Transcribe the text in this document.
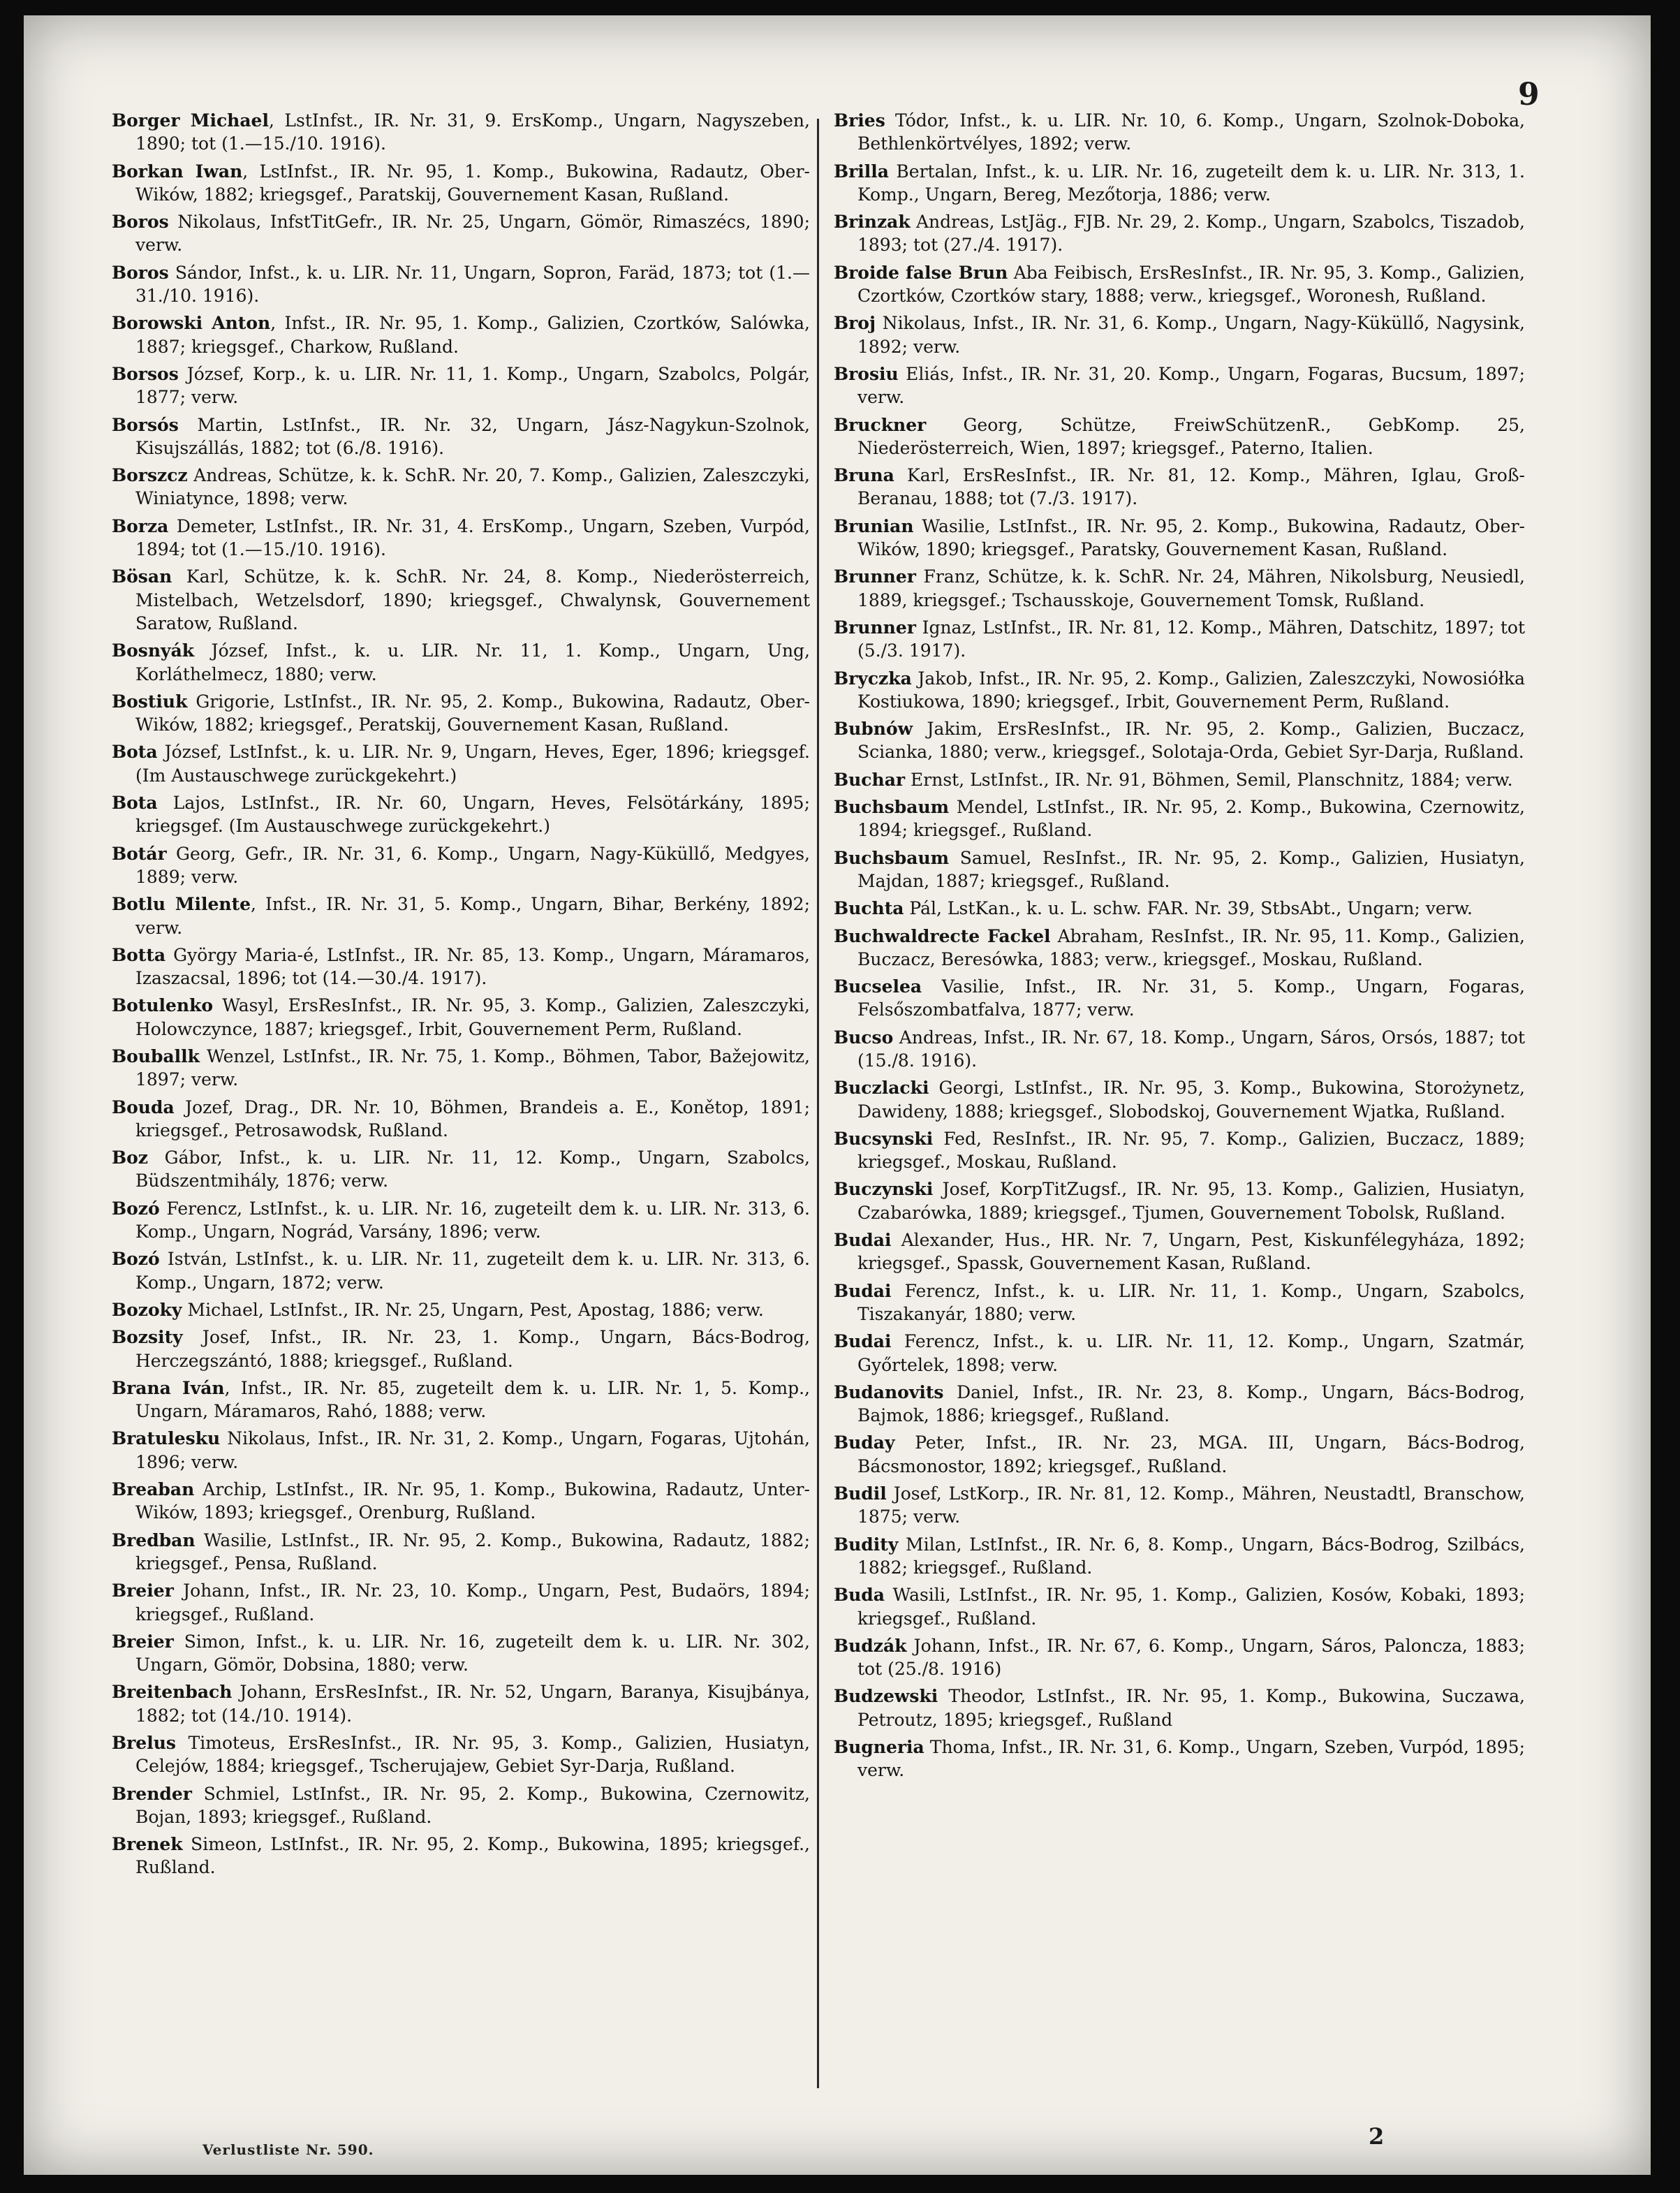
9

Borger Michael, LstInfst., IR. Nr. 31, 9. ErsKomp., Ungarn, Nagyszeben, 1890; tot (1.—15./10. 1916).

Borkan Iwan, LstInfst., IR. Nr. 95, 1. Komp., Bukowina, Radautz, Ober-Wików, 1882; kriegsgef., Paratskij, Gouvernement Kasan, Rußland.

Boros Nikolaus, InfstTitGefr., IR. Nr. 25, Ungarn, Gömör, Rimaszécs, 1890; verw.

Boros Sándor, Infst., k. u. LIR. Nr. 11, Ungarn, Sopron, Faräd, 1873; tot (1.—31./10. 1916).

Borowski Anton, Infst., IR. Nr. 95, 1. Komp., Galizien, Czortków, Salówka, 1887; kriegsgef., Charkow, Rußland.

Borsos József, Korp., k. u. LIR. Nr. 11, 1. Komp., Ungarn, Szabolcs, Polgár, 1877; verw.

Borsós Martin, LstInfst., IR. Nr. 32, Ungarn, Jász-Nagykun-Szolnok, Kisujszállás, 1882; tot (6./8. 1916).

Borszcz Andreas, Schütze, k. k. SchR. Nr. 20, 7. Komp., Galizien, Zaleszczyki, Winiatynce, 1898; verw.

Borza Demeter, LstInfst., IR. Nr. 31, 4. ErsKomp., Ungarn, Szeben, Vurpód, 1894; tot (1.—15./10. 1916).

Bösan Karl, Schütze, k. k. SchR. Nr. 24, 8. Komp., Niederösterreich, Mistelbach, Wetzelsdorf, 1890; kriegsgef., Chwalynsk, Gouvernement Saratow, Rußland.

Bosnyák József, Infst., k. u. LIR. Nr. 11, 1. Komp., Ungarn, Ung, Korláthelmecz, 1880; verw.

Bostiuk Grigorie, LstInfst., IR. Nr. 95, 2. Komp., Bukowina, Radautz, Ober-Wików, 1882; kriegsgef., Peratskij, Gouvernement Kasan, Rußland.

Bota József, LstInfst., k. u. LIR. Nr. 9, Ungarn, Heves, Eger, 1896; kriegsgef. (Im Austauschwege zurückgekehrt.)

Bota Lajos, LstInfst., IR. Nr. 60, Ungarn, Heves, Felsötárkány, 1895; kriegsgef. (Im Austauschwege zurückgekehrt.)

Botár Georg, Gefr., IR. Nr. 31, 6. Komp., Ungarn, Nagy-Küküllő, Medgyes, 1889; verw.

Botlu Milente, Infst., IR. Nr. 31, 5. Komp., Ungarn, Bihar, Berkény, 1892; verw.

Botta György Maria-é, LstInfst., IR. Nr. 85, 13. Komp., Ungarn, Máramaros, Izaszacsal, 1896; tot (14.—30./4. 1917).

Botulenko Wasyl, ErsResInfst., IR. Nr. 95, 3. Komp., Galizien, Zaleszczyki, Holowczynce, 1887; kriegsgef., Irbit, Gouvernement Perm, Rußland.

Bouballk Wenzel, LstInfst., IR. Nr. 75, 1. Komp., Böhmen, Tabor, Bažejowitz, 1897; verw.

Bouda Jozef, Drag., DR. Nr. 10, Böhmen, Brandeis a. E., Konětop, 1891; kriegsgef., Petrosawodsk, Rußland.

Boz Gábor, Infst., k. u. LIR. Nr. 11, 12. Komp., Ungarn, Szabolcs, Büdszentmihály, 1876; verw.

Bozó Ferencz, LstInfst., k. u. LIR. Nr. 16, zugeteilt dem k. u. LIR. Nr. 313, 6. Komp., Ungarn, Nográd, Varsány, 1896; verw.

Bozó István, LstInfst., k. u. LIR. Nr. 11, zugeteilt dem k. u. LIR. Nr. 313, 6. Komp., Ungarn, 1872; verw.

Bozoky Michael, LstInfst., IR. Nr. 25, Ungarn, Pest, Apostag, 1886; verw.

Bozsity Josef, Infst., IR. Nr. 23, 1. Komp., Ungarn, Bács-Bodrog, Herczegszántó, 1888; kriegsgef., Rußland.

Brana Iván, Infst., IR. Nr. 85, zugeteilt dem k. u. LIR. Nr. 1, 5. Komp., Ungarn, Máramaros, Rahó, 1888; verw.

Bratulesku Nikolaus, Infst., IR. Nr. 31, 2. Komp., Ungarn, Fogaras, Ujtohán, 1896; verw.

Breaban Archip, LstInfst., IR. Nr. 95, 1. Komp., Bukowina, Radautz, Unter-Wików, 1893; kriegsgef., Orenburg, Rußland.

Bredban Wasilie, LstInfst., IR. Nr. 95, 2. Komp., Bukowina, Radautz, 1882; kriegsgef., Pensa, Rußland.

Breier Johann, Infst., IR. Nr. 23, 10. Komp., Ungarn, Pest, Budaörs, 1894; kriegsgef., Rußland.

Breier Simon, Infst., k. u. LIR. Nr. 16, zugeteilt dem k. u. LIR. Nr. 302, Ungarn, Gömör, Dobsina, 1880; verw.

Breitenbach Johann, ErsResInfst., IR. Nr. 52, Ungarn, Baranya, Kisujbánya, 1882; tot (14./10. 1914).

Brelus Timoteus, ErsResInfst., IR. Nr. 95, 3. Komp., Galizien, Husiatyn, Celejów, 1884; kriegsgef., Tscherujajew, Gebiet Syr-Darja, Rußland.

Brender Schmiel, LstInfst., IR. Nr. 95, 2. Komp., Bukowina, Czernowitz, Bojan, 1893; kriegsgef., Rußland.

Brenek Simeon, LstInfst., IR. Nr. 95, 2. Komp., Bukowina, 1895; kriegsgef., Rußland.

Bries Tódor, Infst., k. u. LIR. Nr. 10, 6. Komp., Ungarn, Szolnok-Doboka, Bethlenkörtvélyes, 1892; verw.

Brilla Bertalan, Infst., k. u. LIR. Nr. 16, zugeteilt dem k. u. LIR. Nr. 313, 1. Komp., Ungarn, Bereg, Mezőtorja, 1886; verw.

Brinzak Andreas, LstJäg., FJB. Nr. 29, 2. Komp., Ungarn, Szabolcs, Tiszadob, 1893; tot (27./4. 1917).

Broide false Brun Aba Feibisch, ErsResInfst., IR. Nr. 95, 3. Komp., Galizien, Czortków, Czortków stary, 1888; verw., kriegsgef., Woronesh, Rußland.

Broj Nikolaus, Infst., IR. Nr. 31, 6. Komp., Ungarn, Nagy-Küküllő, Nagysink, 1892; verw.

Brosiu Eliás, Infst., IR. Nr. 31, 20. Komp., Ungarn, Fogaras, Bucsum, 1897; verw.

Bruckner Georg, Schütze, FreiwSchützenR., GebKomp. 25, Niederösterreich, Wien, 1897; kriegsgef., Paterno, Italien.

Bruna Karl, ErsResInfst., IR. Nr. 81, 12. Komp., Mähren, Iglau, Groß-Beranau, 1888; tot (7./3. 1917).

Brunian Wasilie, LstInfst., IR. Nr. 95, 2. Komp., Bukowina, Radautz, Ober-Wików, 1890; kriegsgef., Paratsky, Gouvernement Kasan, Rußland.

Brunner Franz, Schütze, k. k. SchR. Nr. 24, Mähren, Nikolsburg, Neusiedl, 1889, kriegsgef.; Tschausskoje, Gouvernement Tomsk, Rußland.

Brunner Ignaz, LstInfst., IR. Nr. 81, 12. Komp., Mähren, Datschitz, 1897; tot (5./3. 1917).

Bryczka Jakob, Infst., IR. Nr. 95, 2. Komp., Galizien, Zaleszczyki, Nowosiółka Kostiukowa, 1890; kriegsgef., Irbit, Gouvernement Perm, Rußland.

Bubnów Jakim, ErsResInfst., IR. Nr. 95, 2. Komp., Galizien, Buczacz, Scianka, 1880; verw., kriegsgef., Solotaja-Orda, Gebiet Syr-Darja, Rußland.

Buchar Ernst, LstInfst., IR. Nr. 91, Böhmen, Semil, Planschnitz, 1884; verw.

Buchsbaum Mendel, LstInfst., IR. Nr. 95, 2. Komp., Bukowina, Czernowitz, 1894; kriegsgef., Rußland.

Buchsbaum Samuel, ResInfst., IR. Nr. 95, 2. Komp., Galizien, Husiatyn, Majdan, 1887; kriegsgef., Rußland.

Buchta Pál, LstKan., k. u. L. schw. FAR. Nr. 39, StbsAbt., Ungarn; verw.

Buchwaldrecte Fackel Abraham, ResInfst., IR. Nr. 95, 11. Komp., Galizien, Buczacz, Beresówka, 1883; verw., kriegsgef., Moskau, Rußland.

Bucselea Vasilie, Infst., IR. Nr. 31, 5. Komp., Ungarn, Fogaras, Felsőszombatfalva, 1877; verw.

Bucso Andreas, Infst., IR. Nr. 67, 18. Komp., Ungarn, Sáros, Orsós, 1887; tot (15./8. 1916).

Buczlacki Georgi, LstInfst., IR. Nr. 95, 3. Komp., Bukowina, Storożynetz, Dawideny, 1888; kriegsgef., Slobodskoj, Gouvernement Wjatka, Rußland.

Bucsynski Fed, ResInfst., IR. Nr. 95, 7. Komp., Galizien, Buczacz, 1889; kriegsgef., Moskau, Rußland.

Buczynski Josef, KorpTitZugsf., IR. Nr. 95, 13. Komp., Galizien, Husiatyn, Czabarówka, 1889; kriegsgef., Tjumen, Gouvernement Tobolsk, Rußland.

Budai Alexander, Hus., HR. Nr. 7, Ungarn, Pest, Kiskunfélegyháza, 1892; kriegsgef., Spassk, Gouvernement Kasan, Rußland.

Budai Ferencz, Infst., k. u. LIR. Nr. 11, 1. Komp., Ungarn, Szabolcs, Tiszakanyár, 1880; verw.

Budai Ferencz, Infst., k. u. LIR. Nr. 11, 12. Komp., Ungarn, Szatmár, Győrtelek, 1898; verw.

Budanovits Daniel, Infst., IR. Nr. 23, 8. Komp., Ungarn, Bács-Bodrog, Bajmok, 1886; kriegsgef., Rußland.

Buday Peter, Infst., IR. Nr. 23, MGA. III, Ungarn, Bács-Bodrog, Bácsmonostor, 1892; kriegsgef., Rußland.

Budil Josef, LstKorp., IR. Nr. 81, 12. Komp., Mähren, Neustadtl, Branschow, 1875; verw.

Budity Milan, LstInfst., IR. Nr. 6, 8. Komp., Ungarn, Bács-Bodrog, Szilbács, 1882; kriegsgef., Rußland.

Buda Wasili, LstInfst., IR. Nr. 95, 1. Komp., Galizien, Kosów, Kobaki, 1893; kriegsgef., Rußland.

Budzák Johann, Infst., IR. Nr. 67, 6. Komp., Ungarn, Sáros, Paloncza, 1883; tot (25./8. 1916)

Budzewski Theodor, LstInfst., IR. Nr. 95, 1. Komp., Bukowina, Suczawa, Petroutz, 1895; kriegsgef., Rußland

Bugneria Thoma, Infst., IR. Nr. 31, 6. Komp., Ungarn, Szeben, Vurpód, 1895; verw.

Verlustliste Nr. 590.	2
